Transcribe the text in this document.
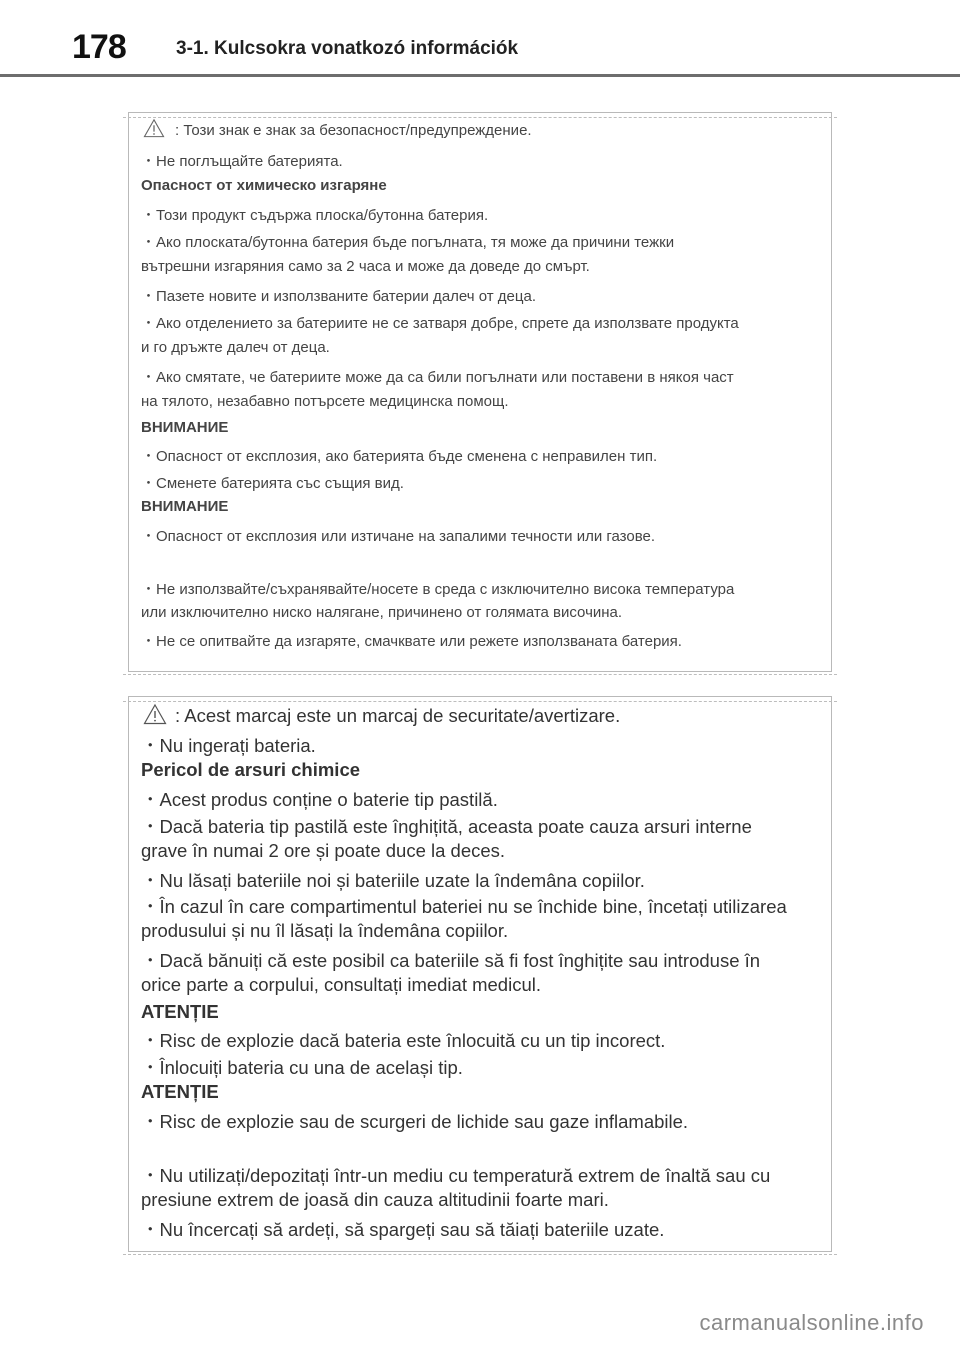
178	3-1. Kulcsokra vonatkozó információk
: Този знак е знак за безопасност/предупреждение.
・Не поглъщайте батерията.
Опасност от химическо изгаряне
・Този продукт съдържа плоска/бутонна батерия.
・Ако плоската/бутонна батерия бъде погълната, тя може да причини тежки
вътрешни изгаряния само за 2 часа и може да доведе до смърт.
・Пазете новите и използваните батерии далеч от деца.
・Ако отделението за батериите не се затваря добре, спрете да използвате продукта
и го дръжте далеч от деца.
・Ако смятате, че батериите може да са били погълнати или поставени в някоя част
на тялото, незабавно потърсете медицинска помощ.
ВНИМАНИЕ
・Опасност от експлозия, ако батерията бъде сменена с неправилен тип.
・Сменете батерията със същия вид.
ВНИМАНИЕ
・Опасност от експлозия или изтичане на запалими течности или газове.
・Не използвайте/съхранявайте/носете в среда с изключително висока температура
или изключително ниско налягане, причинено от голямата височина.
・Не се опитвайте да изгаряте, смачквате или режете използваната батерия.
: Acest marcaj este un marcaj de securitate/avertizare.
・Nu ingerați bateria.
Pericol de arsuri chimice
・Acest produs conține o baterie tip pastilă.
・Dacă bateria tip pastilă este înghițită, aceasta poate cauza arsuri interne
grave în numai 2 ore și poate duce la deces.
・Nu lăsați bateriile noi și bateriile uzate la îndemâna copiilor.
・În cazul în care compartimentul bateriei nu se închide bine, încetați utilizarea
produsului și nu îl lăsați la îndemâna copiilor.
・Dacă bănuiți că este posibil ca bateriile să fi fost înghițite sau introduse în
orice parte a corpului, consultați imediat medicul.
ATENȚIE
・Risc de explozie dacă bateria este înlocuită cu un tip incorect.
・Înlocuiți bateria cu una de același tip.
ATENȚIE
・Risc de explozie sau de scurgeri de lichide sau gaze inflamabile.
・Nu utilizați/depozitați într-un mediu cu temperatură extrem de înaltă sau cu
presiune extrem de joasă din cauza altitudinii foarte mari.
・Nu încercați să ardeți, să spargeți sau să tăiați bateriile uzate.
carmanualsonline.info
